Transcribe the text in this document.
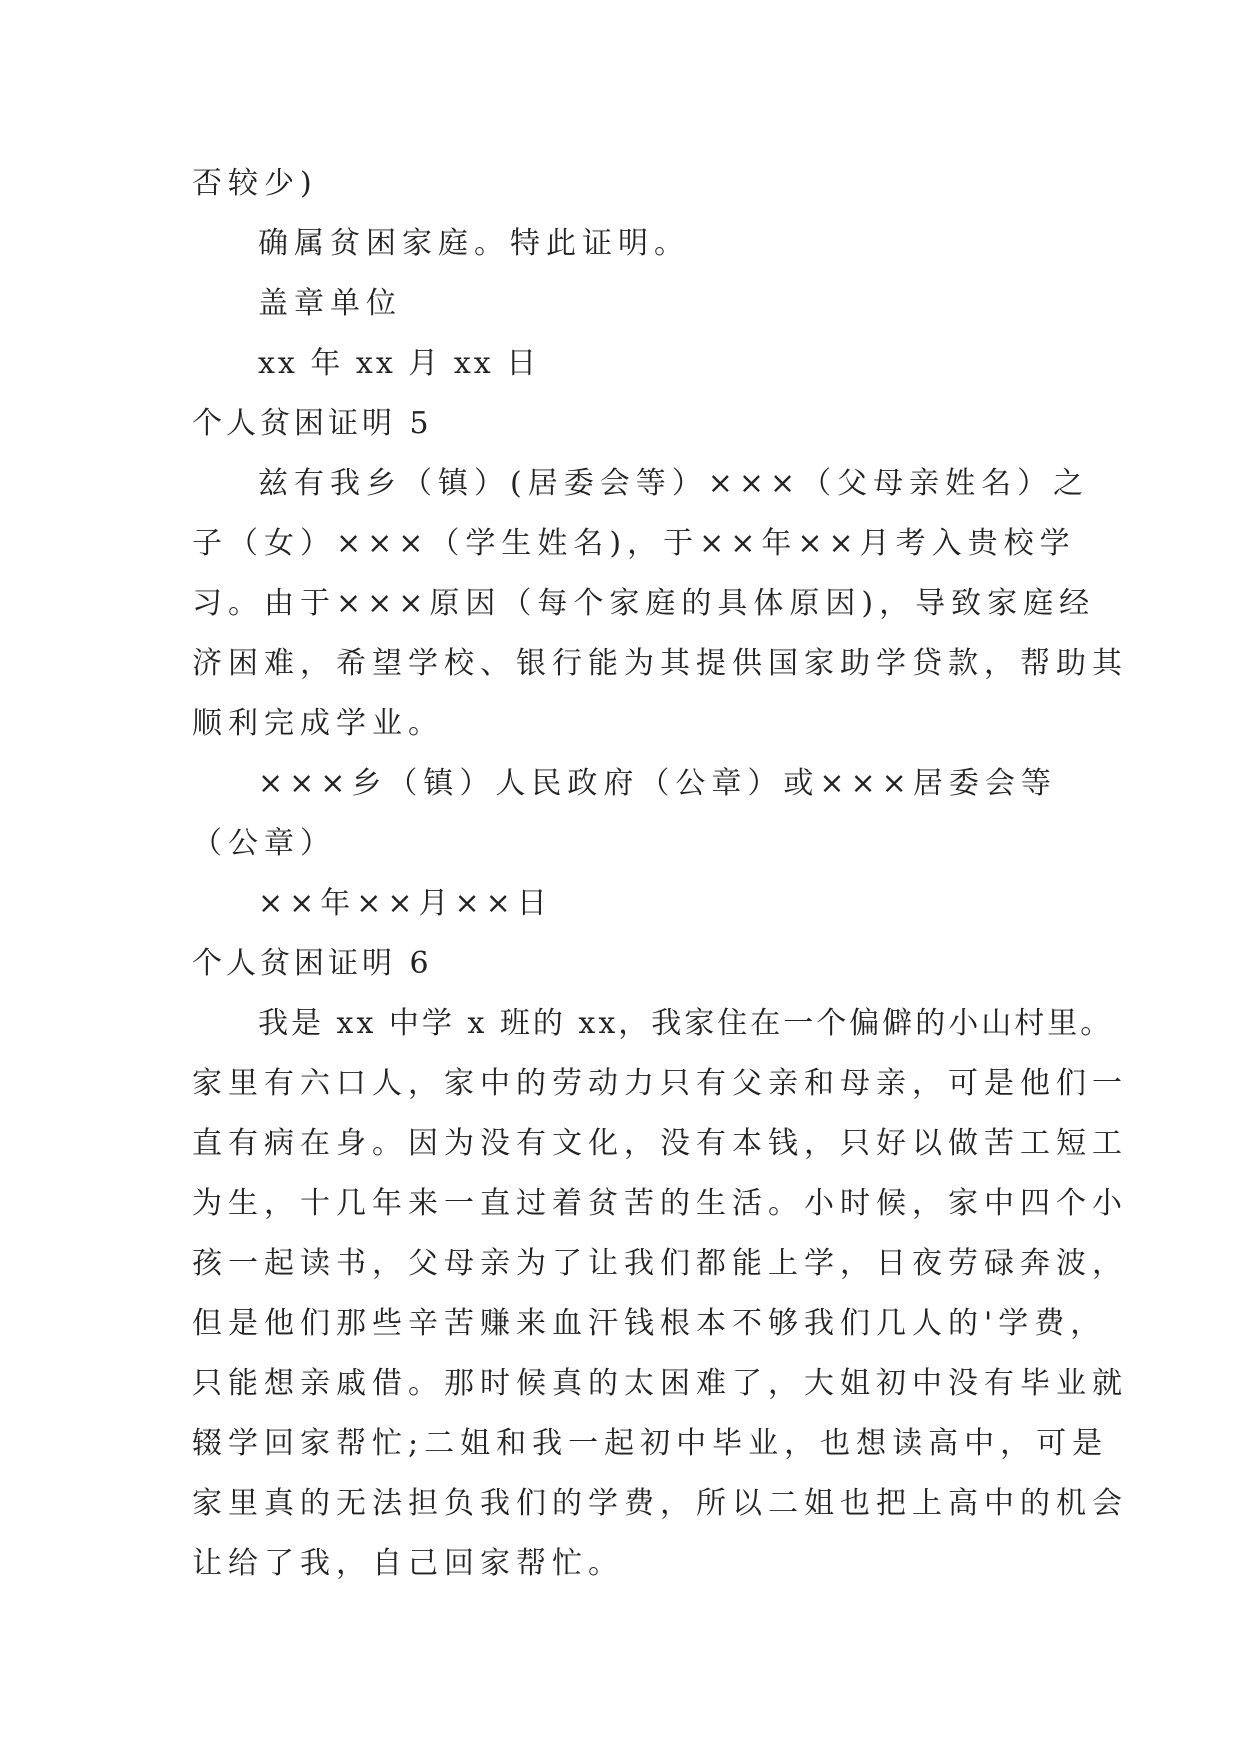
否较少)
确属贫困家庭。特此证明。
盖章单位
xx 年 xx 月 xx 日
个人贫困证明 5
兹有我乡（镇）(居委会等）×××（父母亲姓名）之
子（女）×××（学生姓名)，于××年××月考入贵校学
习。由于×××原因（每个家庭的具体原因)，导致家庭经
济困难，希望学校、银行能为其提供国家助学贷款，帮助其
顺利完成学业。
×××乡（镇）人民政府（公章）或×××居委会等
（公章）
××年××月××日
个人贫困证明 6
我是 xx 中学 x 班的 xx，我家住在一个偏僻的小山村里。
家里有六口人，家中的劳动力只有父亲和母亲，可是他们一
直有病在身。因为没有文化，没有本钱，只好以做苦工短工
为生，十几年来一直过着贫苦的生活。小时候，家中四个小
孩一起读书，父母亲为了让我们都能上学，日夜劳碌奔波，
但是他们那些辛苦赚来血汗钱根本不够我们几人的'学费，
只能想亲戚借。那时候真的太困难了，大姐初中没有毕业就
辍学回家帮忙;二姐和我一起初中毕业，也想读高中，可是
家里真的无法担负我们的学费，所以二姐也把上高中的机会
让给了我，自己回家帮忙。
